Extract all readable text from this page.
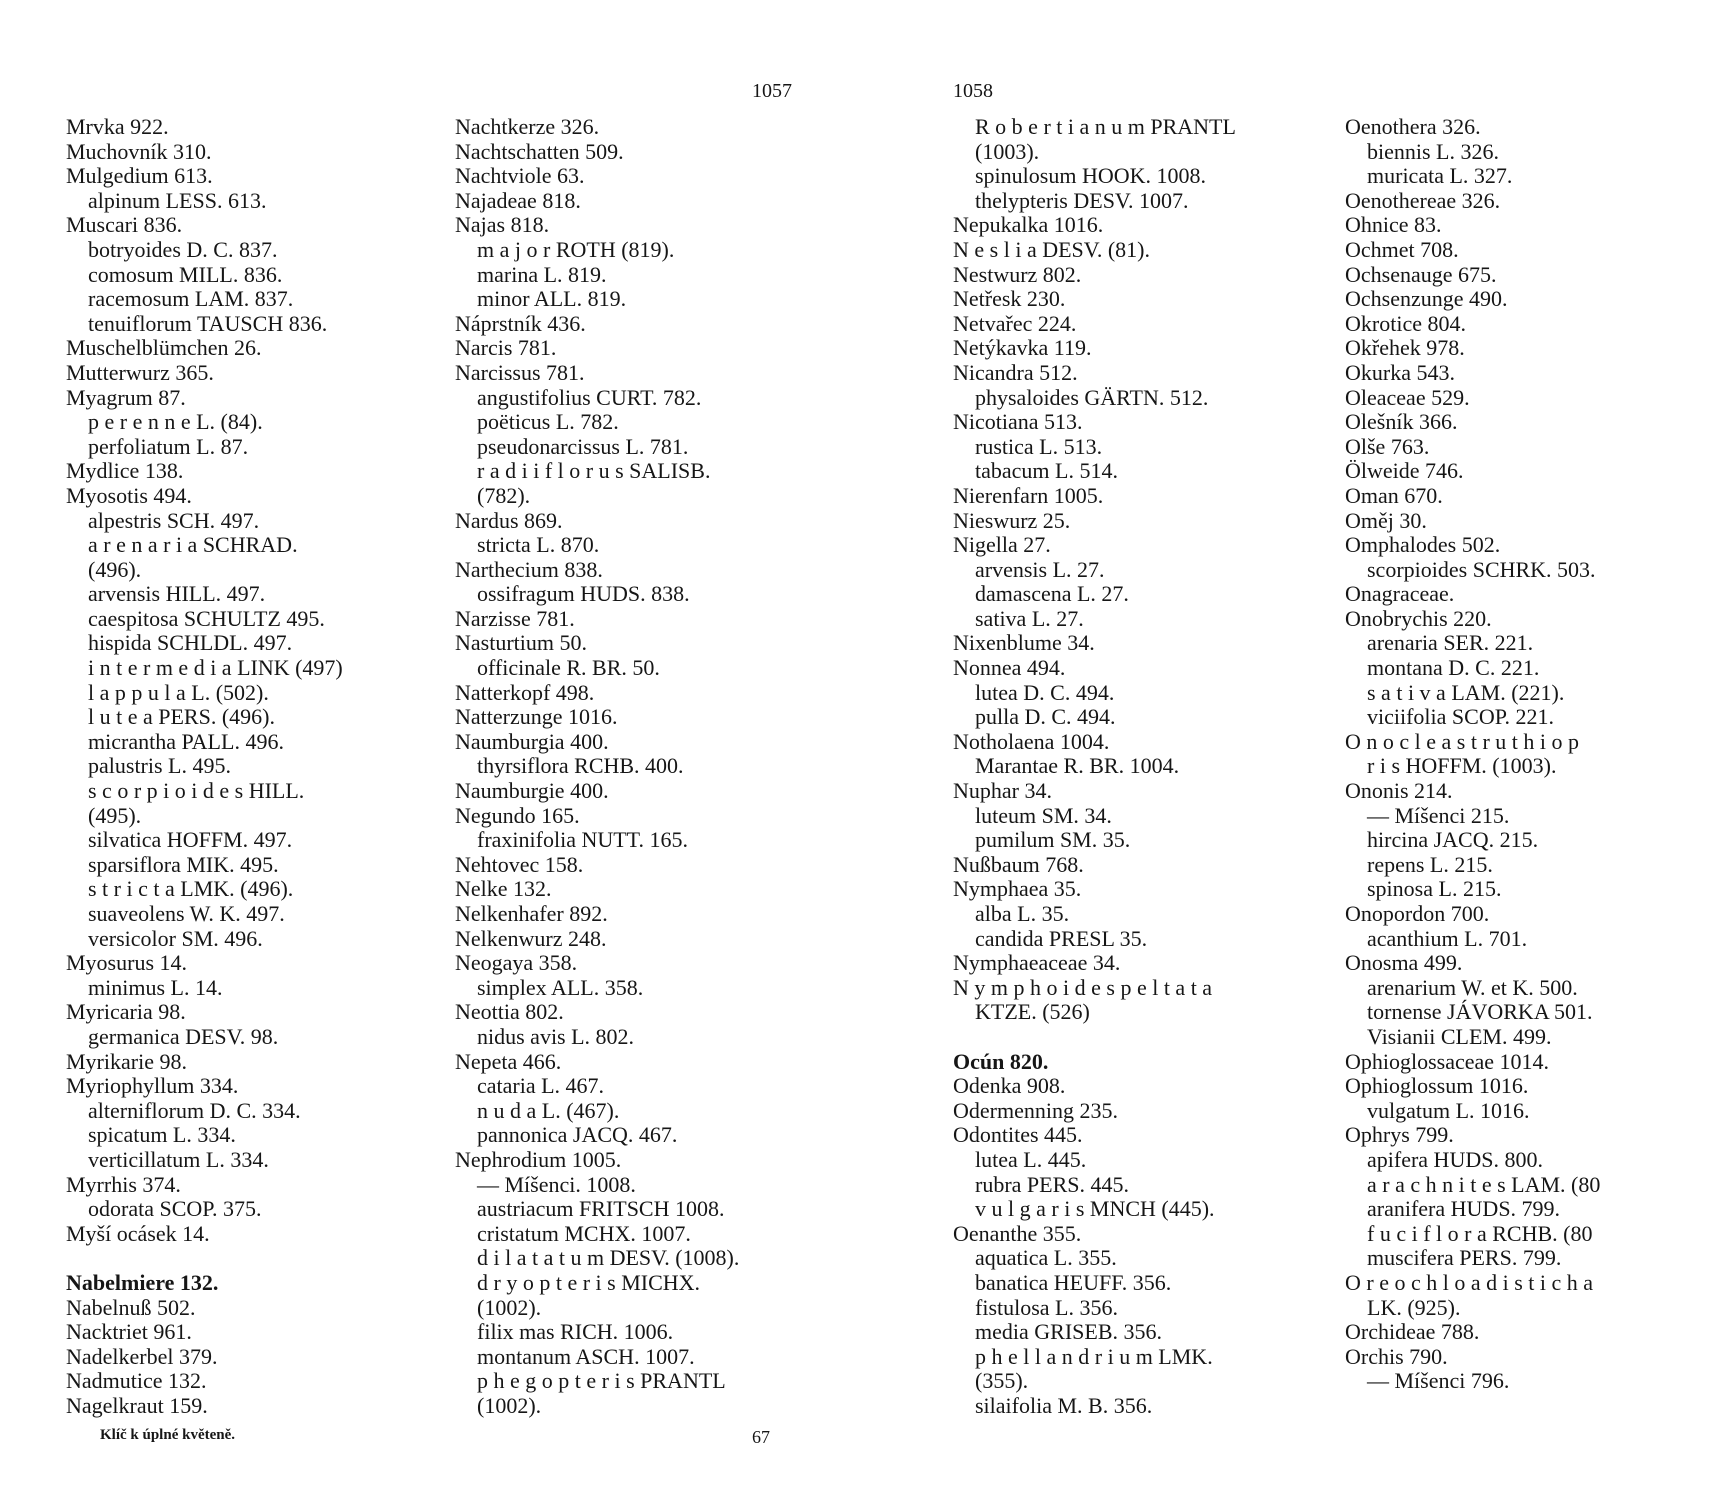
1057	1058
Mrvka 922.
Muchovník 310.
Mulgedium 613.
alpinum LESS. 613.
Muscari 836.
botryoides D. C. 837.
comosum MILL. 836.
racemosum LAM. 837.
tenuiflorum TAUSCH 836.
Muschelblümchen 26.
Mutterwurz 365.
Myagrum 87.
p e r e n n e L. (84).
perfoliatum L. 87.
Mydlice 138.
Myosotis 494.
alpestris SCH. 497.
a r e n a r i a SCHRAD.
(496).
arvensis HILL. 497.
caespitosa SCHULTZ 495.
hispida SCHLDL. 497.
i n t e r m e d i a LINK (497)
l a p p u l a L. (502).
l u t e a PERS. (496).
micrantha PALL. 496.
palustris L. 495.
s c o r p i o i d e s HILL.
(495).
silvatica HOFFM. 497.
sparsiflora MIK. 495.
s t r i c t a LMK. (496).
suaveolens W. K. 497.
versicolor SM. 496.
Myosurus 14.
minimus L. 14.
Myricaria 98.
germanica DESV. 98.
Myrikarie 98.
Myriophyllum 334.
alterniflorum D. C. 334.
spicatum L. 334.
verticillatum L. 334.
Myrrhis 374.
odorata SCOP. 375.
Myší ocásek 14.
Nabelmiere 132.
Nabelnuß 502.
Nacktriet 961.
Nadelkerbel 379.
Nadmutice 132.
Nagelkraut 159.
Nachtkerze 326.
Nachtschatten 509.
Nachtviole 63.
Najadeae 818.
Najas 818.
m a j o r ROTH (819).
marina L. 819.
minor ALL. 819.
Náprstník 436.
Narcis 781.
Narcissus 781.
angustifolius CURT. 782.
poëticus L. 782.
pseudonarcissus L. 781.
r a d i i f l o r u s SALISB.
(782).
Nardus 869.
stricta L. 870.
Narthecium 838.
ossifragum HUDS. 838.
Narzisse 781.
Nasturtium 50.
officinale R. BR. 50.
Natterkopf 498.
Natterzunge 1016.
Naumburgia 400.
thyrsiflora RCHB. 400.
Naumburgie 400.
Negundo 165.
fraxinifolia NUTT. 165.
Nehtovec 158.
Nelke 132.
Nelkenhafer 892.
Nelkenwurz 248.
Neogaya 358.
simplex ALL. 358.
Neottia 802.
nidus avis L. 802.
Nepeta 466.
cataria L. 467.
n u d a L. (467).
pannonica JACQ. 467.
Nephrodium 1005.
— Míšenci. 1008.
austriacum FRITSCH 1008.
cristatum MCHX. 1007.
d i l a t a t u m DESV. (1008).
d r y o p t e r i s MICHX.
(1002).
filix mas RICH. 1006.
montanum ASCH. 1007.
p h e g o p t e r i s PRANTL
(1002).
R o b e r t i a n u m PRANTL
(1003).
spinulosum HOOK. 1008.
thelypteris DESV. 1007.
Nepukalka 1016.
N e s l i a DESV. (81).
Nestwurz 802.
Netřesk 230.
Netvařec 224.
Netýkavka 119.
Nicandra 512.
physaloides GÄRTN. 512.
Nicotiana 513.
rustica L. 513.
tabacum L. 514.
Nierenfarn 1005.
Nieswurz 25.
Nigella 27.
arvensis L. 27.
damascena L. 27.
sativa L. 27.
Nixenblume 34.
Nonnea 494.
lutea D. C. 494.
pulla D. C. 494.
Notholaena 1004.
Marantae R. BR. 1004.
Nuphar 34.
luteum SM. 34.
pumilum SM. 35.
Nußbaum 768.
Nymphaea 35.
alba L. 35.
candida PRESL 35.
Nymphaeaceae 34.
N y m p h o i d e s p e l t a t a
KTZE. (526)
Ocún 820.
Odenka 908.
Odermenning 235.
Odontites 445.
lutea L. 445.
rubra PERS. 445.
v u l g a r i s MNCH (445).
Oenanthe 355.
aquatica L. 355.
banatica HEUFF. 356.
fistulosa L. 356.
media GRISEB. 356.
p h e l l a n d r i u m LMK.
(355).
silaifolia M. B. 356.
Oenothera 326.
biennis L. 326.
muricata L. 327.
Oenothereae 326.
Ohnice 83.
Ochmet 708.
Ochsenauge 675.
Ochsenzunge 490.
Okrotice 804.
Okřehek 978.
Okurka 543.
Oleaceae 529.
Olešník 366.
Olše 763.
Ölweide 746.
Oman 670.
Oměj 30.
Omphalodes 502.
scorpioides SCHRK. 503.
Onagraceae.
Onobrychis 220.
arenaria SER. 221.
montana D. C. 221.
s a t i v a LAM. (221).
viciifolia SCOP. 221.
O n o c l e a s t r u t h i o p
r i s HOFFM. (1003).
Ononis 214.
— Míšenci 215.
hircina JACQ. 215.
repens L. 215.
spinosa L. 215.
Onopordon 700.
acanthium L. 701.
Onosma 499.
arenarium W. et K. 500.
tornense JÁVORKA 501.
Visianii CLEM. 499.
Ophioglossaceae 1014.
Ophioglossum 1016.
vulgatum L. 1016.
Ophrys 799.
apifera HUDS. 800.
a r a c h n i t e s LAM. (80
aranifera HUDS. 799.
f u c i f l o r a RCHB. (80
muscifera PERS. 799.
O r e o c h l o a d i s t i c h a
LK. (925).
Orchideae 788.
Orchis 790.
— Míšenci 796.
Klíč k úplné květeně.	67
